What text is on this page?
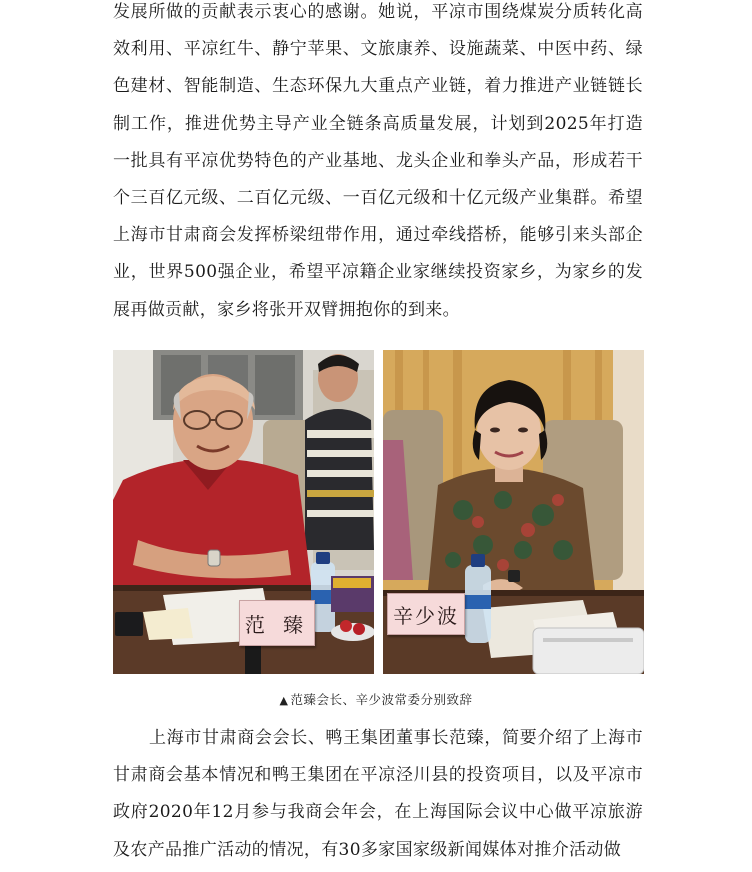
发展所做的贡献表示衷心的感谢。她说，平凉市围绕煤炭分质转化高效利用、平凉红牛、静宁苹果、文旅康养、设施蔬菜、中医中药、绿色建材、智能制造、生态环保九大重点产业链，着力推进产业链链长制工作，推进优势主导产业全链条高质量发展，计划到2025年打造一批具有平凉优势特色的产业基地、龙头企业和拳头产品，形成若干个三百亿元级、二百亿元级、一百亿元级和十亿元级产业集群。希望上海市甘肃商会发挥桥梁纽带作用，通过牵线搭桥，能够引来头部企业，世界500强企业，希望平凉籍企业家继续投资家乡，为家乡的发展再做贡献，家乡将张开双臂拥抱你的到来。

范 臻	辛少波
▲ 范臻会长、辛少波常委分别致辞

上海市甘肃商会会长、鸭王集团董事长范臻，简要介绍了上海市甘肃商会基本情况和鸭王集团在平凉泾川县的投资项目，以及平凉市政府2020年12月参与我商会年会，在上海国际会议中心做平凉旅游及农产品推广活动的情况，有30多家国家级新闻媒体对推介活动做
